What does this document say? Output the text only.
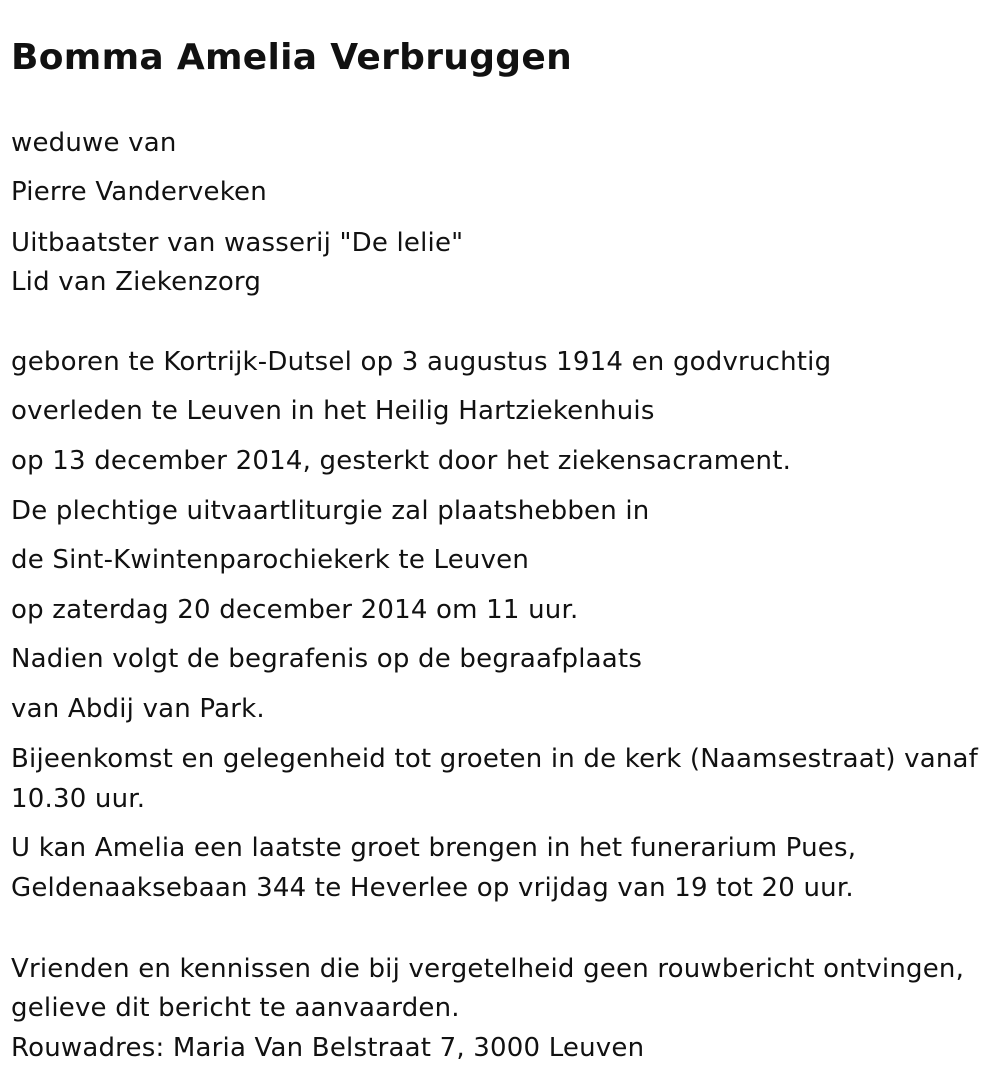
Bomma Amelia Verbruggen

weduwe van

Pierre Vanderveken

Uitbaatster van wasserij "De lelie"

Lid van Ziekenzorg

geboren te Kortrijk-Dutsel op 3 augustus 1914 en godvruchtig

overleden te Leuven in het Heilig Hartziekenhuis

op 13 december 2014, gesterkt door het ziekensacrament.

De plechtige uitvaartliturgie zal plaatshebben in

de Sint-Kwintenparochiekerk te Leuven

op zaterdag 20 december 2014 om 11 uur.

Nadien volgt de begrafenis op de begraafplaats

van Abdij van Park.

Bijeenkomst en gelegenheid tot groeten in de kerk (Naamsestraat) vanaf

10.30 uur.

U kan Amelia een laatste groet brengen in het funerarium Pues,

Geldenaaksebaan 344 te Heverlee op vrijdag van 19 tot 20 uur.

Vrienden en kennissen die bij vergetelheid geen rouwbericht ontvingen,

gelieve dit bericht te aanvaarden.

Rouwadres: Maria Van Belstraat 7, 3000 Leuven
